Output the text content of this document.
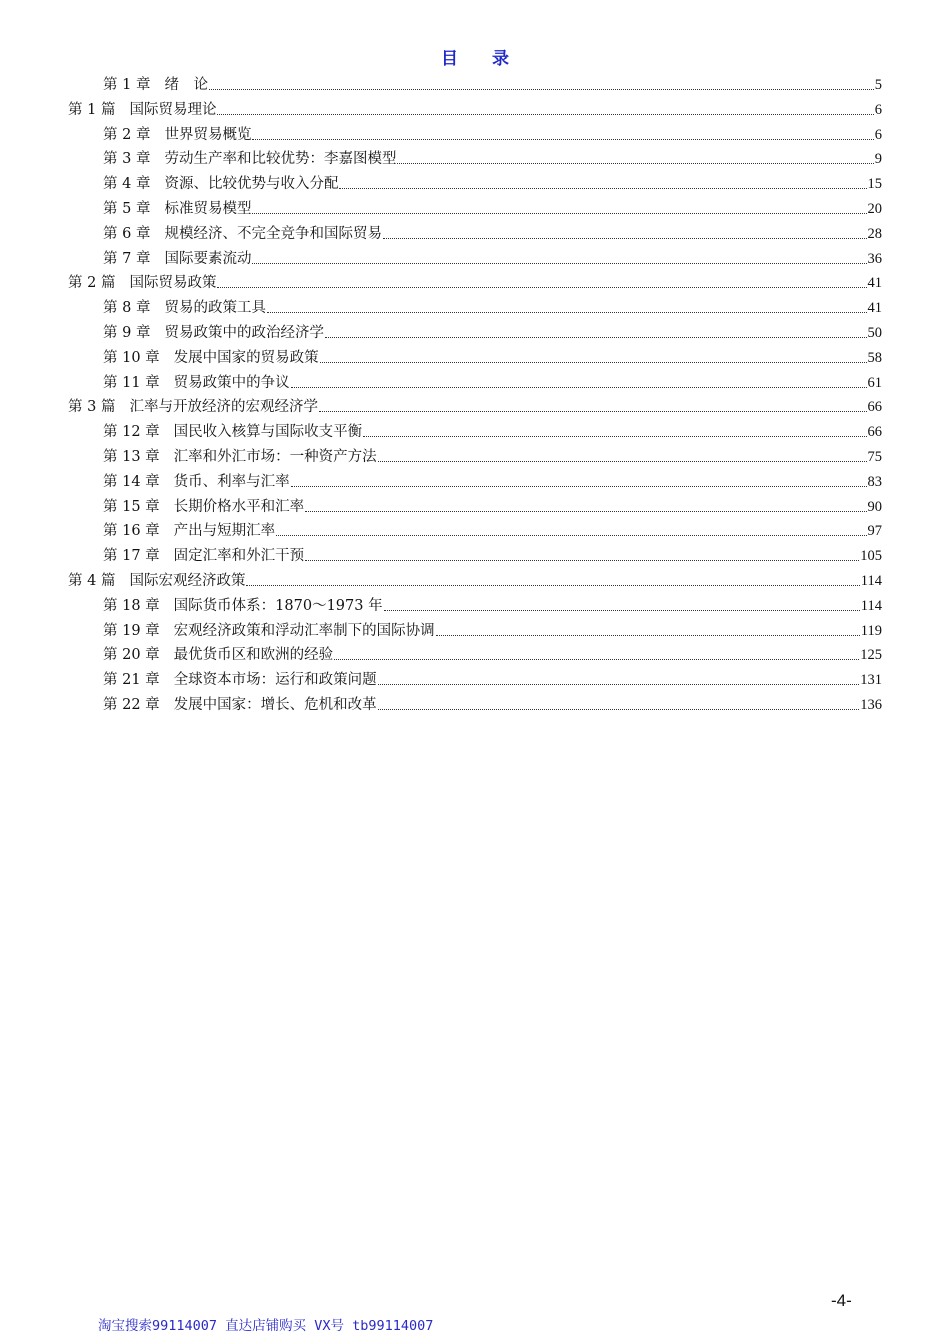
目 录
第 1 章 绪　论	5
第 1 篇 国际贸易理论	6
第 2 章 世界贸易概览	6
第 3 章 劳动生产率和比较优势：李嘉图模型	9
第 4 章 资源、比较优势与收入分配	15
第 5 章 标准贸易模型	20
第 6 章 规模经济、不完全竞争和国际贸易	28
第 7 章 国际要素流动	36
第 2 篇 国际贸易政策	41
第 8 章 贸易的政策工具	41
第 9 章 贸易政策中的政治经济学	50
第 10 章 发展中国家的贸易政策	58
第 11 章 贸易政策中的争议	61
第 3 篇 汇率与开放经济的宏观经济学	66
第 12 章 国民收入核算与国际收支平衡	66
第 13 章 汇率和外汇市场：一种资产方法	75
第 14 章 货币、利率与汇率	83
第 15 章 长期价格水平和汇率	90
第 16 章 产出与短期汇率	97
第 17 章 固定汇率和外汇干预	105
第 4 篇 国际宏观经济政策	114
第 18 章 国际货币体系：1870～1973 年	114
第 19 章 宏观经济政策和浮动汇率制下的国际协调	119
第 20 章 最优货币区和欧洲的经验	125
第 21 章 全球资本市场：运行和政策问题	131
第 22 章 发展中国家：增长、危机和改革	136
-4-
淘宝搜索99114007 直达店铺购买 VX号 tb99114007
